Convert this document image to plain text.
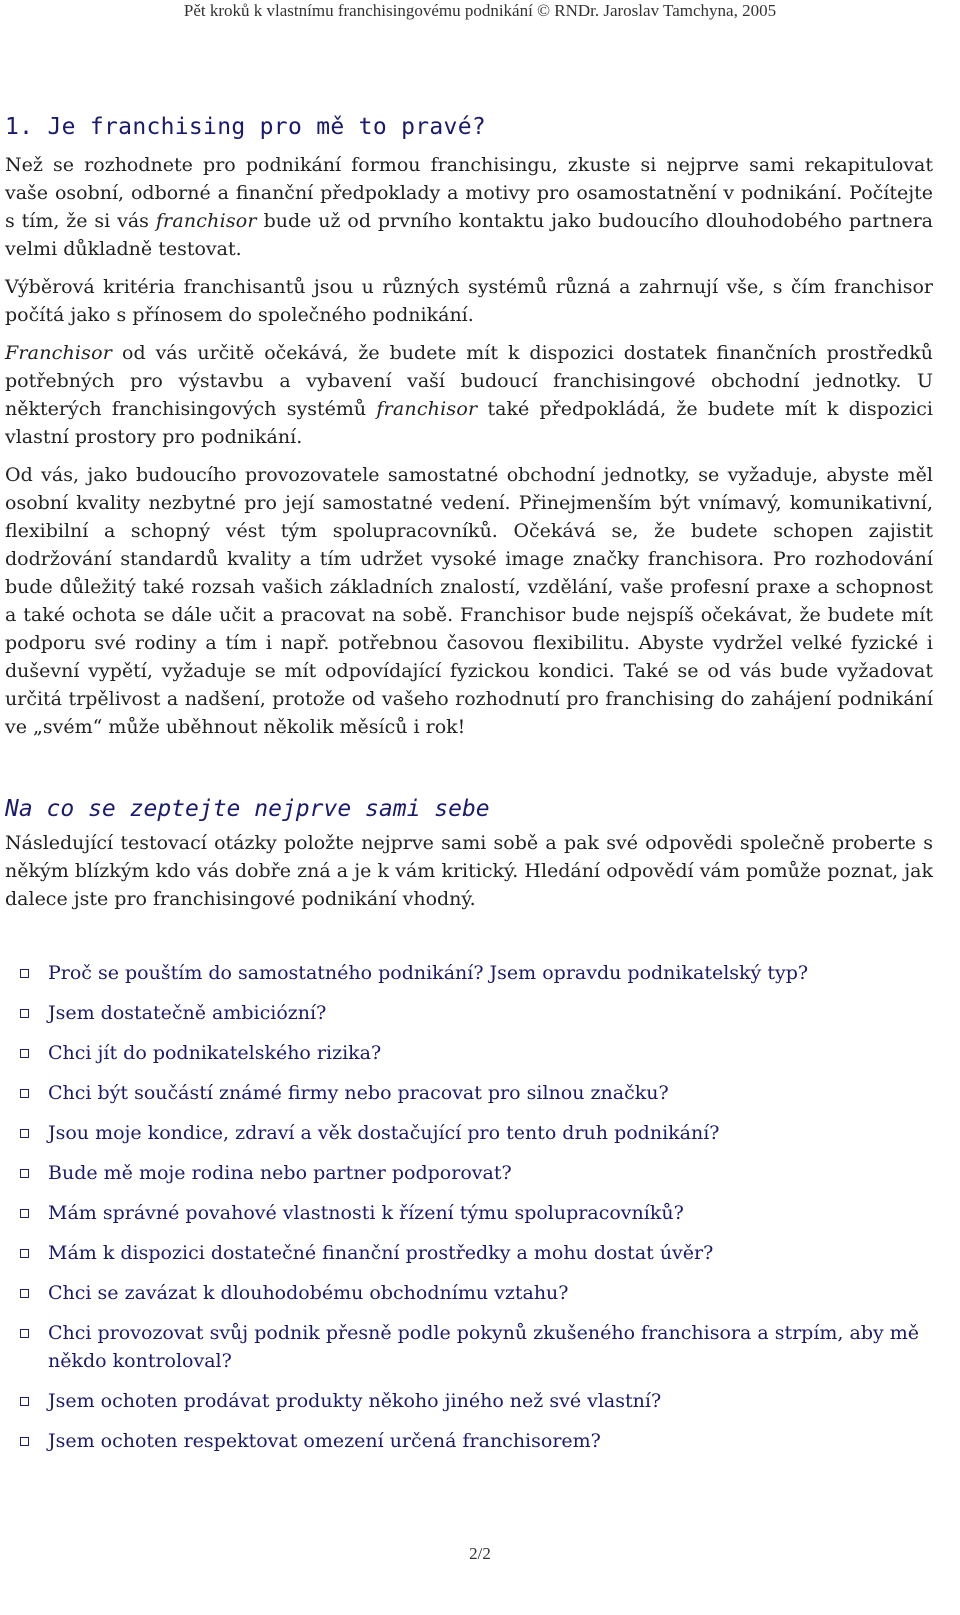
Pět kroků k vlastnímu franchisingovému podnikání © RNDr. Jaroslav Tamchyna, 2005
1. Je franchising pro mě to pravé?

Než se rozhodnete pro podnikání formou franchisingu, zkuste si nejprve sami rekapitulovat vaše osobní, odborné a finanční předpoklady a motivy pro osamostatnění v podnikání. Počítejte s tím, že si vás franchisor bude už od prvního kontaktu jako budoucího dlouhodobého partnera velmi důkladně testovat.

Výběrová kritéria franchisantů jsou u různých systémů různá a zahrnují vše, s čím franchisor počítá jako s přínosem do společného podnikání.

Franchisor od vás určitě očekává, že budete mít k dispozici dostatek finančních prostředků potřebných pro výstavbu a vybavení vaší budoucí franchisingové obchodní jednotky. U některých franchisingových systémů franchisor také předpokládá, že budete mít k dispozici vlastní prostory pro podnikání.

Od vás, jako budoucího provozovatele samostatné obchodní jednotky, se vyžaduje, abyste měl osobní kvality nezbytné pro její samostatné vedení. Přinejmenším být vnímavý, komunikativní, flexibilní a schopný vést tým spolupracovníků. Očekává se, že budete schopen zajistit dodržování standardů kvality a tím udržet vysoké image značky franchisora. Pro rozhodování bude důležitý také rozsah vašich základních znalostí, vzdělání, vaše profesní praxe a schopnost a také ochota se dále učit a pracovat na sobě. Franchisor bude nejspíš očekávat, že budete mít podporu své rodiny a tím i např. potřebnou časovou flexibilitu. Abyste vydržel velké fyzické i duševní vypětí, vyžaduje se mít odpovídající fyzickou kondici. Také se od vás bude vyžadovat určitá trpělivost a nadšení, protože od vašeho rozhodnutí pro franchising do zahájení podnikání ve „svém“ může uběhnout několik měsíců i rok!

Na co se zeptejte nejprve sami sebe

Následující testovací otázky položte nejprve sami sobě a pak své odpovědi společně proberte s někým blízkým kdo vás dobře zná a je k vám kritický. Hledání odpovědí vám pomůže poznat, jak dalece jste pro franchisingové podnikání vhodný.

Proč se pouštím do samostatného podnikání? Jsem opravdu podnikatelský typ?
Jsem dostatečně ambiciózní?
Chci jít do podnikatelského rizika?
Chci být součástí známé firmy nebo pracovat pro silnou značku?
Jsou moje kondice, zdraví a věk dostačující pro tento druh podnikání?
Bude mě moje rodina nebo partner podporovat?
Mám správné povahové vlastnosti k řízení týmu spolupracovníků?
Mám k dispozici dostatečné finanční prostředky a mohu dostat úvěr?
Chci se zavázat k dlouhodobému obchodnímu vztahu?
Chci provozovat svůj podnik přesně podle pokynů zkušeného franchisora a strpím, aby mě někdo kontroloval?
Jsem ochoten prodávat produkty někoho jiného než své vlastní?
Jsem ochoten respektovat omezení určená franchisorem?
2/2
